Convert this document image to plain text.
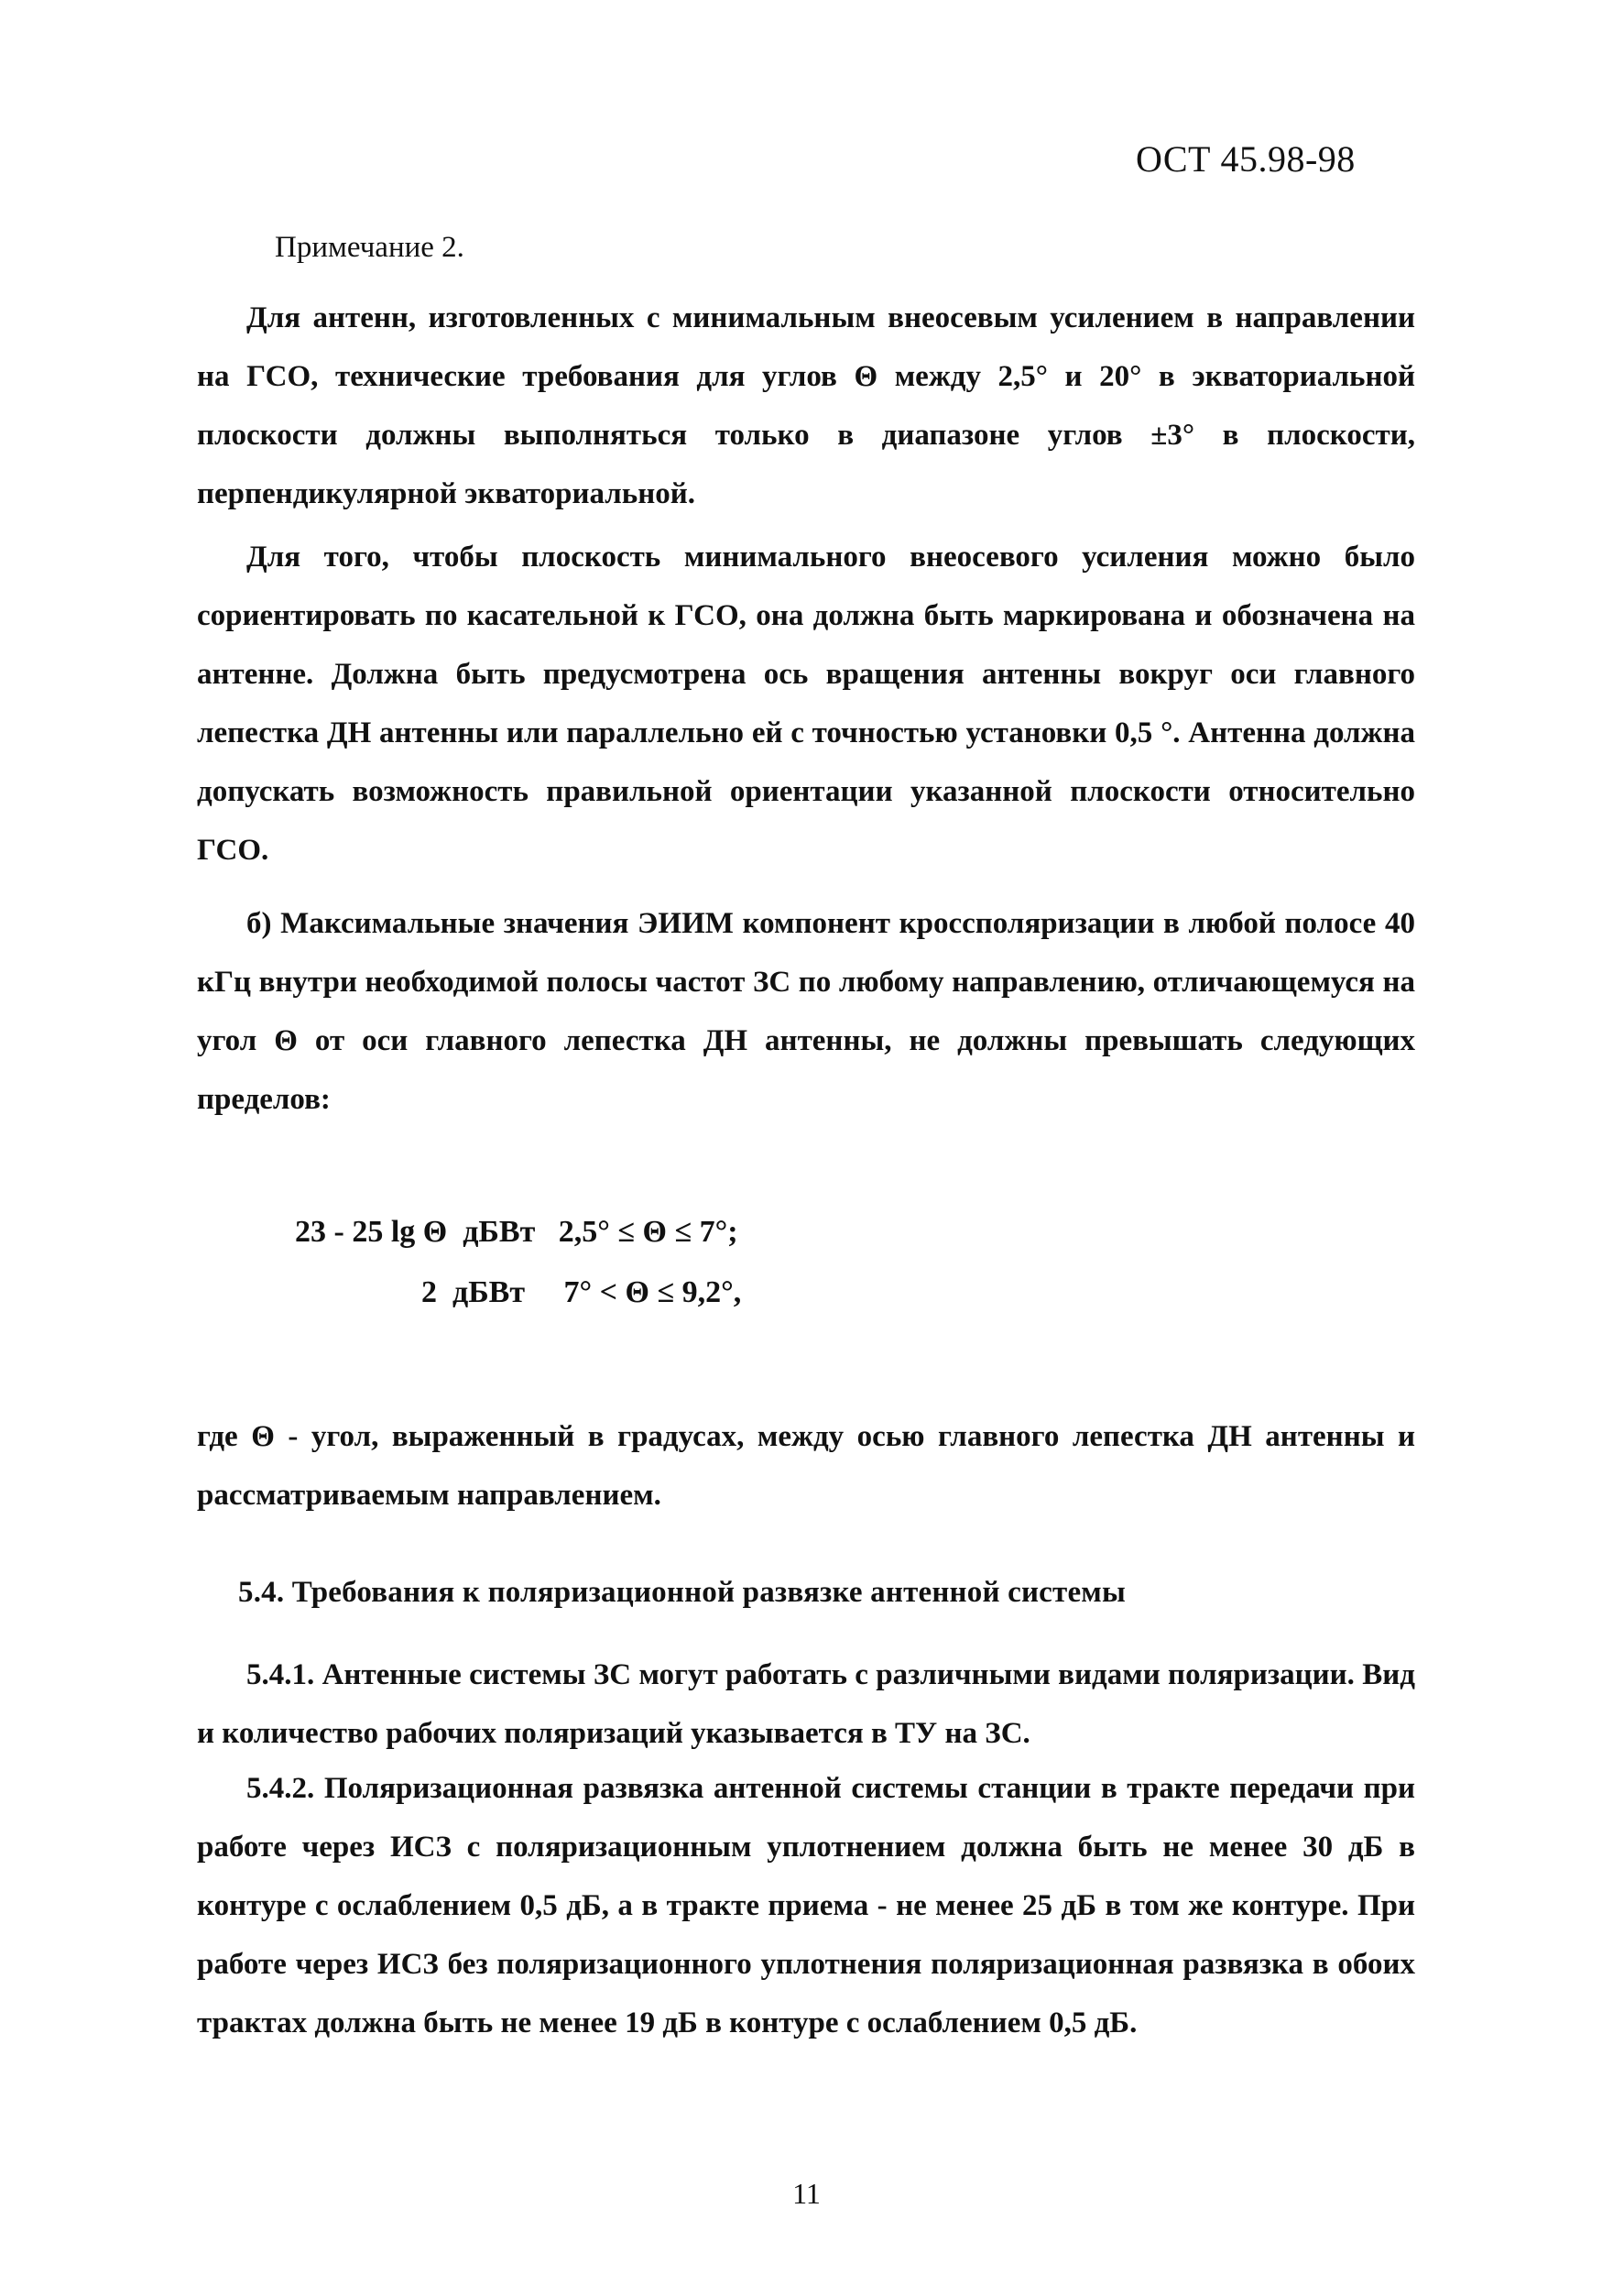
ОСТ 45.98-98
Примечание 2.
Для антенн, изготовленных с минимальным внеосевым усилением в направлении на ГСО, технические требования для углов Θ между 2,5° и 20° в экваториальной плоскости должны выполняться только в диапазоне углов ±3° в плоскости, перпендикулярной экваториальной.
Для того, чтобы плоскость минимального внеосевого усиления можно было сориентировать по касательной к ГСО, она должна быть маркирована и обозначена на антенне. Должна быть предусмотрена ось вращения антенны вокруг оси главного лепестка ДН антенны или параллельно ей с точностью установки 0,5 °. Антенна должна допускать возможность правильной ориентации указанной плоскости относительно ГСО.
б) Максимальные значения ЭИИМ компонент кроссполяризации в любой полосе 40 кГц внутри необходимой полосы частот ЗС по любому направлению, отличающемуся на угол Θ от оси главного лепестка ДН антенны, не должны превышать следующих пределов:
23 - 25 lg Θ  дБВт   2,5° ≤ Θ ≤ 7°;
2  дБВт     7° < Θ ≤ 9,2°,
где Θ - угол, выраженный в градусах, между осью главного лепестка ДН антенны и рассматриваемым направлением.
5.4. Требования к поляризационной развязке антенной системы
5.4.1. Антенные системы ЗС могут работать с различными видами поляризации. Вид и количество рабочих поляризаций указывается в ТУ на ЗС.
5.4.2. Поляризационная развязка антенной системы станции в тракте передачи при работе через ИСЗ с поляризационным уплотнением должна быть не менее 30 дБ в контуре с ослаблением 0,5 дБ, а в тракте приема - не менее 25 дБ в том же контуре. При работе через ИСЗ без поляризационного уплотнения поляризационная развязка в обоих трактах должна быть не менее 19 дБ в контуре с ослаблением 0,5 дБ.
11
